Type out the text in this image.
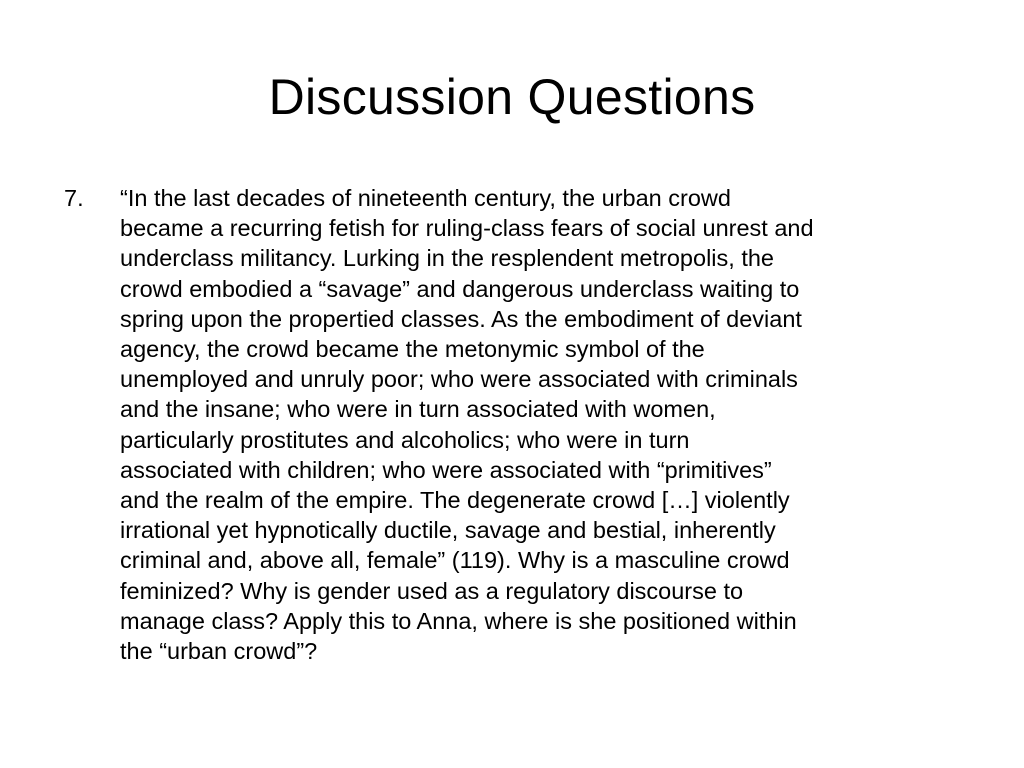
Discussion Questions
7.	“In the last decades of nineteenth century, the urban crowd
became a recurring fetish for ruling-class fears of social unrest and
underclass militancy. Lurking in the resplendent metropolis, the
crowd embodied a “savage” and dangerous underclass waiting to
spring upon the propertied classes. As the embodiment of deviant
agency, the crowd became the metonymic symbol of the
unemployed and unruly poor; who were associated with criminals
and the insane; who were in turn associated with women,
particularly prostitutes and alcoholics; who were in turn
associated with children; who were associated with “primitives”
and the realm of the empire. The degenerate crowd […] violently
irrational yet hypnotically ductile, savage and bestial, inherently
criminal and, above all, female” (119). Why is a masculine crowd
feminized? Why is gender used as a regulatory discourse to
manage class? Apply this to Anna, where is she positioned within
the “urban crowd”?
